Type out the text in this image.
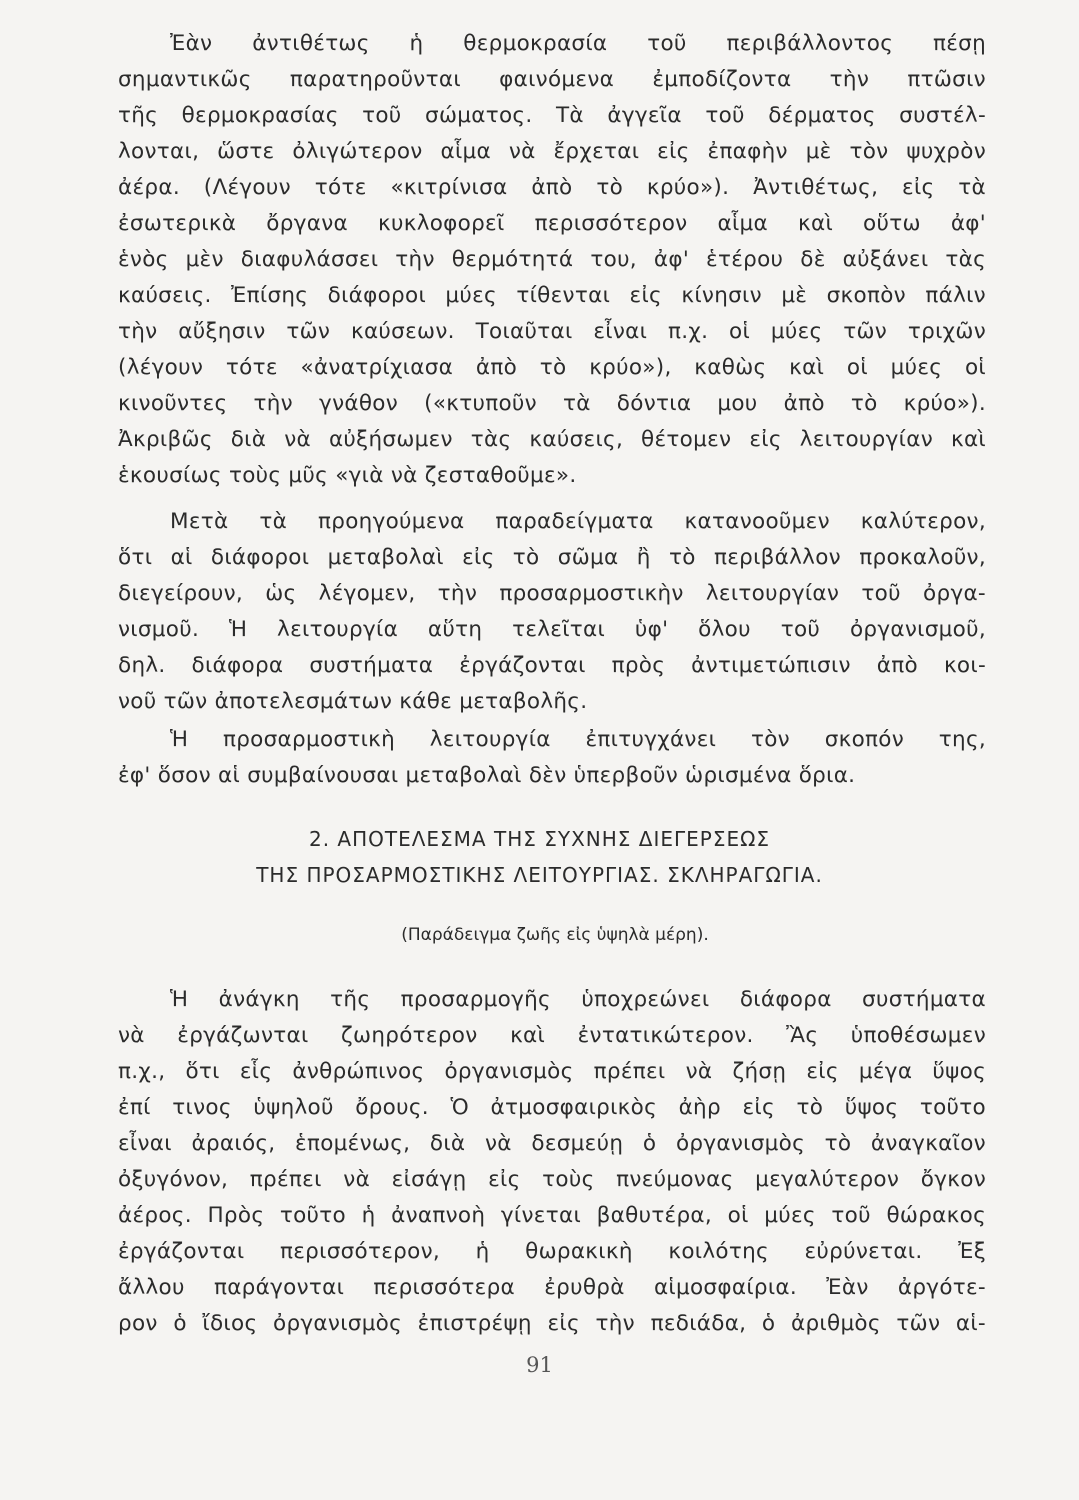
Ἐὰν ἀντιθέτως ἡ θερμοκρασία τοῦ περιβάλλοντος πέσῃ
σημαντικῶς παρατηροῦνται φαινόμενα ἐμποδίζοντα τὴν πτῶσιν
τῆς θερμοκρασίας τοῦ σώματος. Τὰ ἀγγεῖα τοῦ δέρματος συστέλ-
λονται, ὥστε ὀλιγώτερον αἷμα νὰ ἔρχεται εἰς ἐπαφὴν μὲ τὸν ψυχρὸν
ἀέρα. (Λέγουν τότε «κιτρίνισα ἀπὸ τὸ κρύο»). Ἀντιθέτως, εἰς τὰ
ἐσωτερικὰ ὄργανα κυκλοφορεῖ περισσότερον αἷμα καὶ οὕτω ἀφ'
ἑνὸς μὲν διαφυλάσσει τὴν θερμότητά του, ἀφ' ἑτέρου δὲ αὐξάνει τὰς
καύσεις. Ἐπίσης διάφοροι μύες τίθενται εἰς κίνησιν μὲ σκοπὸν πάλιν
τὴν αὔξησιν τῶν καύσεων. Τοιαῦται εἶναι π.χ. οἱ μύες τῶν τριχῶν
(λέγουν τότε «ἀνατρίχιασα ἀπὸ τὸ κρύο»), καθὼς καὶ οἱ μύες οἱ
κινοῦντες τὴν γνάθον («κτυποῦν τὰ δόντια μου ἀπὸ τὸ κρύο»).
Ἀκριβῶς διὰ νὰ αὐξήσωμεν τὰς καύσεις, θέτομεν εἰς λειτουργίαν καὶ
ἑκουσίως τοὺς μῦς «γιὰ νὰ ζεσταθοῦμε».
Μετὰ τὰ προηγούμενα παραδείγματα κατανοοῦμεν καλύτερον,
ὅτι αἱ διάφοροι μεταβολαὶ εἰς τὸ σῶμα ἢ τὸ περιβάλλον προκαλοῦν,
διεγείρουν, ὡς λέγομεν, τὴν προσαρμοστικὴν λειτουργίαν τοῦ ὀργα-
νισμοῦ. Ἡ λειτουργία αὕτη τελεῖται ὑφ' ὅλου τοῦ ὀργανισμοῦ,
δηλ. διάφορα συστήματα ἐργάζονται πρὸς ἀντιμετώπισιν ἀπὸ κοι-
νοῦ τῶν ἀποτελεσμάτων κάθε μεταβολῆς.
Ἡ προσαρμοστικὴ λειτουργία ἐπιτυγχάνει τὸν σκοπόν της,
ἐφ' ὅσον αἱ συμβαίνουσαι μεταβολαὶ δὲν ὑπερβοῦν ὡρισμένα ὅρια.
2. ΑΠΟΤΕΛΕΣΜΑ ΤΗΣ ΣΥΧΝΗΣ ΔΙΕΓΕΡΣΕΩΣ
ΤΗΣ ΠΡΟΣΑΡΜΟΣΤΙΚΗΣ ΛΕΙΤΟΥΡΓΙΑΣ. ΣΚΛΗΡΑΓΩΓΙΑ.
(Παράδειγμα ζωῆς εἰς ὑψηλὰ μέρη).
Ἡ ἀνάγκη τῆς προσαρμογῆς ὑποχρεώνει διάφορα συστήματα
νὰ ἐργάζωνται ζωηρότερον καὶ ἐντατικώτερον. Ἂς ὑποθέσωμεν
π.χ., ὅτι εἷς ἀνθρώπινος ὀργανισμὸς πρέπει νὰ ζήσῃ εἰς μέγα ὕψος
ἐπί τινος ὑψηλοῦ ὄρους. Ὁ ἀτμοσφαιρικὸς ἀὴρ εἰς τὸ ὕψος τοῦτο
εἶναι ἀραιός, ἑπομένως, διὰ νὰ δεσμεύῃ ὁ ὀργανισμὸς τὸ ἀναγκαῖον
ὀξυγόνον, πρέπει νὰ εἰσάγῃ εἰς τοὺς πνεύμονας μεγαλύτερον ὄγκον
ἀέρος. Πρὸς τοῦτο ἡ ἀναπνοὴ γίνεται βαθυτέρα, οἱ μύες τοῦ θώρακος
ἐργάζονται περισσότερον, ἡ θωρακικὴ κοιλότης εὐρύνεται. Ἐξ
ἄλλου παράγονται περισσότερα ἐρυθρὰ αἱμοσφαίρια. Ἐὰν ἀργότε-
ρον ὁ ἴδιος ὀργανισμὸς ἐπιστρέψῃ εἰς τὴν πεδιάδα, ὁ ἀριθμὸς τῶν αἱ-
91
